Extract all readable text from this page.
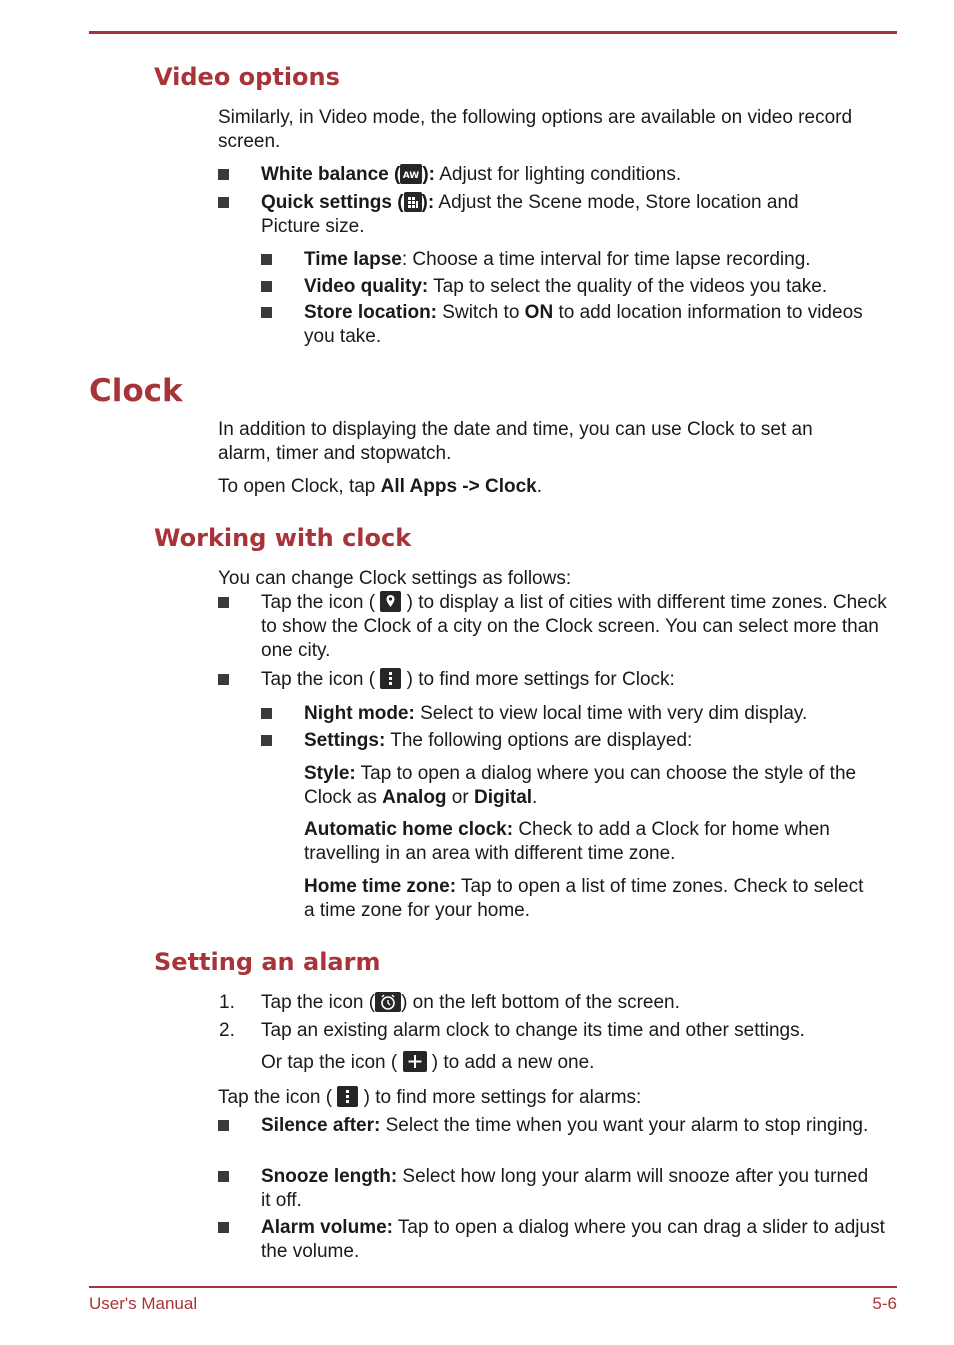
Video options

Similarly, in Video mode, the following options are available on video record screen.

White balance ( AW ): Adjust for lighting conditions.
Quick settings ( ): Adjust the Scene mode, Store location and Picture size.
Time lapse: Choose a time interval for time lapse recording.
Video quality: Tap to select the quality of the videos you take.
Store location: Switch to ON to add location information to videos you take.
Clock

In addition to displaying the date and time, you can use Clock to set an alarm, timer and stopwatch.

To open Clock, tap All Apps -> Clock.

Working with clock

You can change Clock settings as follows:

Tap the icon (
) to display a list of cities with different time zones. Check to show the Clock of a city on the Clock screen. You can select more than one city.
Tap the icon (
) to find more settings for Clock:
Night mode: Select to view local time with very dim display.
Settings: The following options are displayed:

Style: Tap to open a dialog where you can choose the style of the Clock as Analog or Digital.

Automatic home clock: Check to add a Clock for home when travelling in an area with different time zone.

Home time zone: Tap to open a list of time zones. Check to select a time zone for your home.

Setting an alarm
1. Tap the icon ( ) on the left bottom of the screen.
2. Tap an existing alarm clock to change its time and other settings.

Or tap the icon (
) to add a new one.

Tap the icon (
) to find more settings for alarms:

Silence after: Select the time when you want your alarm to stop ringing.
Snooze length: Select how long your alarm will snooze after you turned it off.
Alarm volume: Tap to open a dialog where you can drag a slider to adjust the volume.
User's Manual	5-6
